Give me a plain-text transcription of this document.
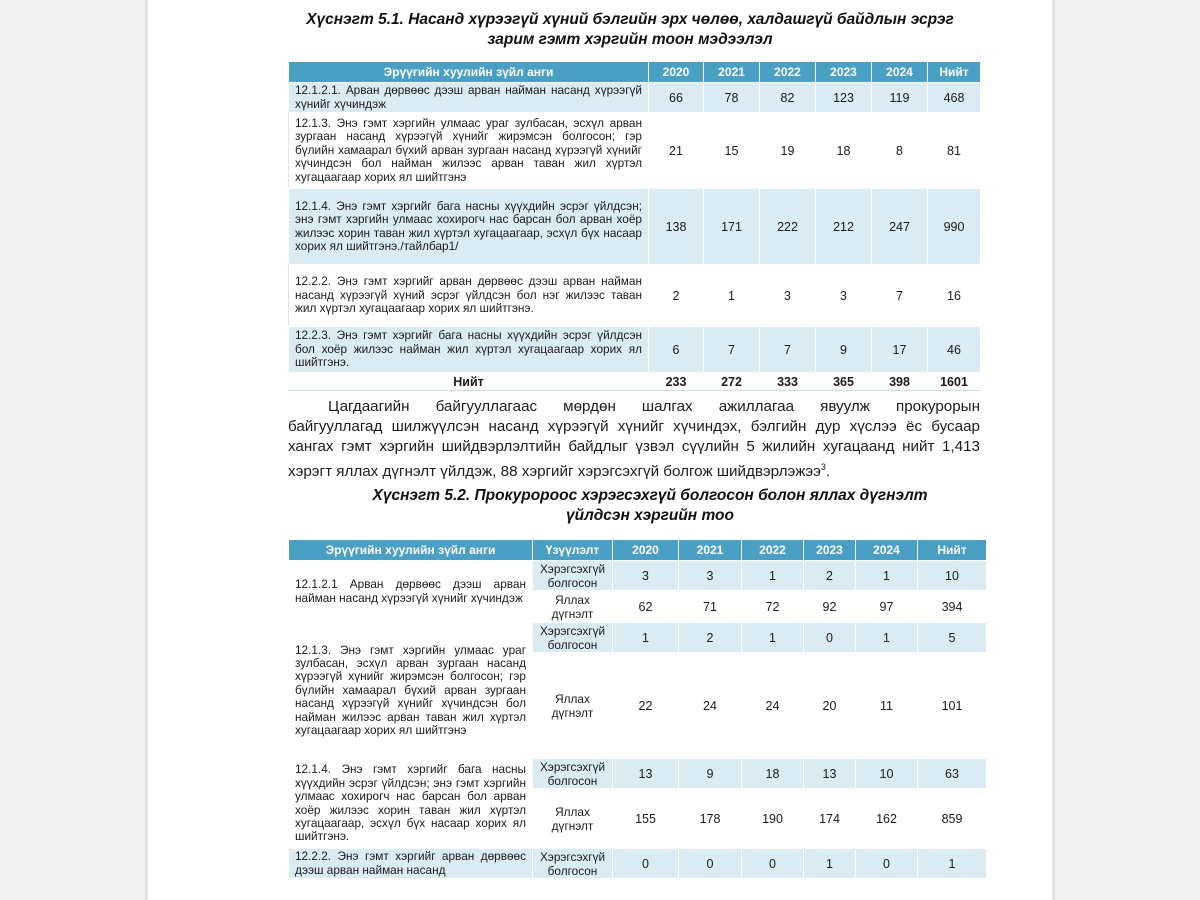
Хүснэгт 5.1. Насанд хүрээгүй хүний бэлгийн эрх чөлөө, халдашгүй байдлын эсрэг
зарим гэмт хэргийн тоон мэдээлэл
Эрүүгийн хуулийн зүйл анги	2020	2021	2022	2023	2024	Нийт
12.1.2.1. Арван дөрвөөс дээш арван найман насанд хүрээгүй хүнийг хүчиндэж	66	78	82	123	119	468
12.1.3. Энэ гэмт хэргийн улмаас ураг зулбасан, эсхүл арван зургаан насанд хүрээгүй хүнийг жирэмсэн болгосон; гэр бүлийн хамаарал бүхий арван зургаан насанд хүрээгүй хүнийг хүчиндсэн бол найман жилээс арван таван жил хүртэл хугацаагаар хорих ял шийтгэнэ	21	15	19	18	8	81
12.1.4. Энэ гэмт хэргийг бага насны хүүхдийн эсрэг үйлдсэн; энэ гэмт хэргийн улмаас хохирогч нас барсан бол арван хоёр жилээс хорин таван жил хүртэл хугацаагаар, эсхүл бүх насаар хорих ял шийтгэнэ./тайлбар1/	138	171	222	212	247	990
12.2.2. Энэ гэмт хэргийг арван дөрвөөс дээш арван найман насанд хүрээгүй хүний эсрэг үйлдсэн бол нэг жилээс таван жил хүртэл хугацаагаар хорих ял шийтгэнэ.	2	1	3	3	7	16
12.2.3. Энэ гэмт хэргийг бага насны хүүхдийн эсрэг үйлдсэн бол хоёр жилээс найман жил хүртэл хугацаагаар хорих ял шийтгэнэ.	6	7	7	9	17	46
Нийт	233	272	333	365	398	1601
Цагдаагийн байгууллагаас мөрдөн шалгах ажиллагаа явуулж прокурорын
байгууллагад шилжүүлсэн насанд хүрээгүй хүнийг хүчиндэх, бэлгийн дур хүслээ ёс бусаар
хангах гэмт хэргийн шийдвэрлэлтийн байдлыг үзвэл сүүлийн 5 жилийн хугацаанд нийт 1,413
хэрэгт яллах дүгнэлт үйлдэж, 88 хэргийг хэрэгсэхгүй болгож шийдвэрлэжээ$^3$.
Хүснэгт 5.2. Прокуророос хэрэгсэхгүй болгосон болон яллах дүгнэлт
үйлдсэн хэргийн тоо
Эрүүгийн хуулийн зүйл анги	Үзүүлэлт	2020	2021	2022	2023	2024	Нийт
12.1.2.1 Арван дөрвөөс дээш арван найман насанд хүрээгүй хүнийг хүчиндэж	Хэрэгсэхгүй болгосон	3	3	1	2	1	10
	Яллах дүгнэлт	62	71	72	92	97	394
12.1.3. Энэ гэмт хэргийн улмаас ураг зулбасан, эсхүл арван зургаан насанд хүрээгүй хүнийг жирэмсэн болгосон; гэр бүлийн хамаарал бүхий арван зургаан насанд хүрээгүй хүнийг хүчиндсэн бол найман жилээс арван таван жил хүртэл хугацаагаар хорих ял шийтгэнэ	Хэрэгсэхгүй болгосон	1	2	1	0	1	5
	Яллах дүгнэлт	22	24	24	20	11	101
12.1.4. Энэ гэмт хэргийг бага насны хүүхдийн эсрэг үйлдсэн; энэ гэмт хэргийн улмаас хохирогч нас барсан бол арван хоёр жилээс хорин таван жил хүртэл хугацаагаар, эсхүл бүх насаар хорих ял шийтгэнэ.	Хэрэгсэхгүй болгосон	13	9	18	13	10	63
	Яллах дүгнэлт	155	178	190	174	162	859
12.2.2. Энэ гэмт хэргийг арван дөрвөөс дээш арван найман насанд	Хэрэгсэхгүй болгосон	0	0	0	1	0	1
